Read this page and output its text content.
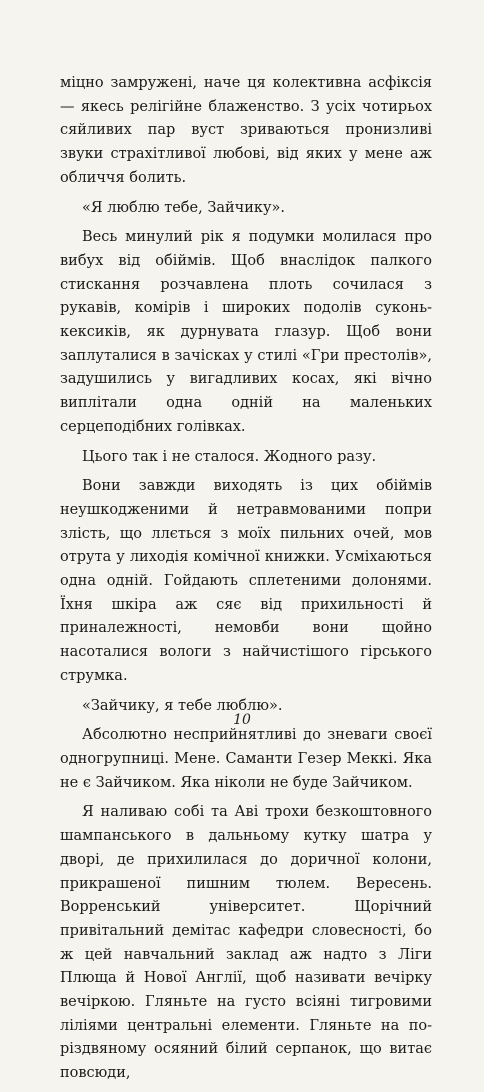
міцно замружені, наче ця колективна асфіксія — якесь релігійне блаженство. З усіх чотирьох сяйливих пар вуст зриваються пронизливі звуки страхітливої любові, від яких у мене аж обличчя болить.

«Я люблю тебе, Зайчику».

Весь минулий рік я подумки молилася про вибух від обіймів. Щоб внаслідок палкого стискання розчавлена плоть сочилася з рукавів, комірів і широких подолів суконь-кексиків, як дурнувата глазур. Щоб вони заплуталися в зачісках у стилі «Гри престолів», задушились у вигадливих косах, які вічно виплітали одна одній на маленьких серцеподібних голівках.

Цього так і не сталося. Жодного разу.

Вони завжди виходять із цих обіймів неушкодженими й нетравмованими попри злість, що ллється з моїх пильних очей, мов отрута у лиходія комічної книжки. Усміхаються одна одній. Гойдають сплетеними долонями. Їхня шкіра аж сяє від прихильності й приналежності, немовби вони щойно насоталися вологи з найчистішого гірського струмка.

«Зайчику, я тебе люблю».

Абсолютно несприйнятливі до зневаги своєї одногрупниці. Мене. Саманти Гезер Меккі. Яка не є Зайчиком. Яка ніколи не буде Зайчиком.

Я наливаю собі та Аві трохи безкоштовного шампанського в дальньому кутку шатра у дворі, де прихилилася до доричної колони, прикрашеної пишним тюлем. Вересень. Ворренський університет. Щорічний привітальний демітас кафедри словесності, бо ж цей навчальний заклад аж надто з Ліги Плюща й Нової Англії, щоб називати вечірку вечіркою. Гляньте на густо всіяні тигровими ліліями центральні елементи. Гляньте на по-різдвяному осяяний білий серпанок, що витає повсюди,

10
